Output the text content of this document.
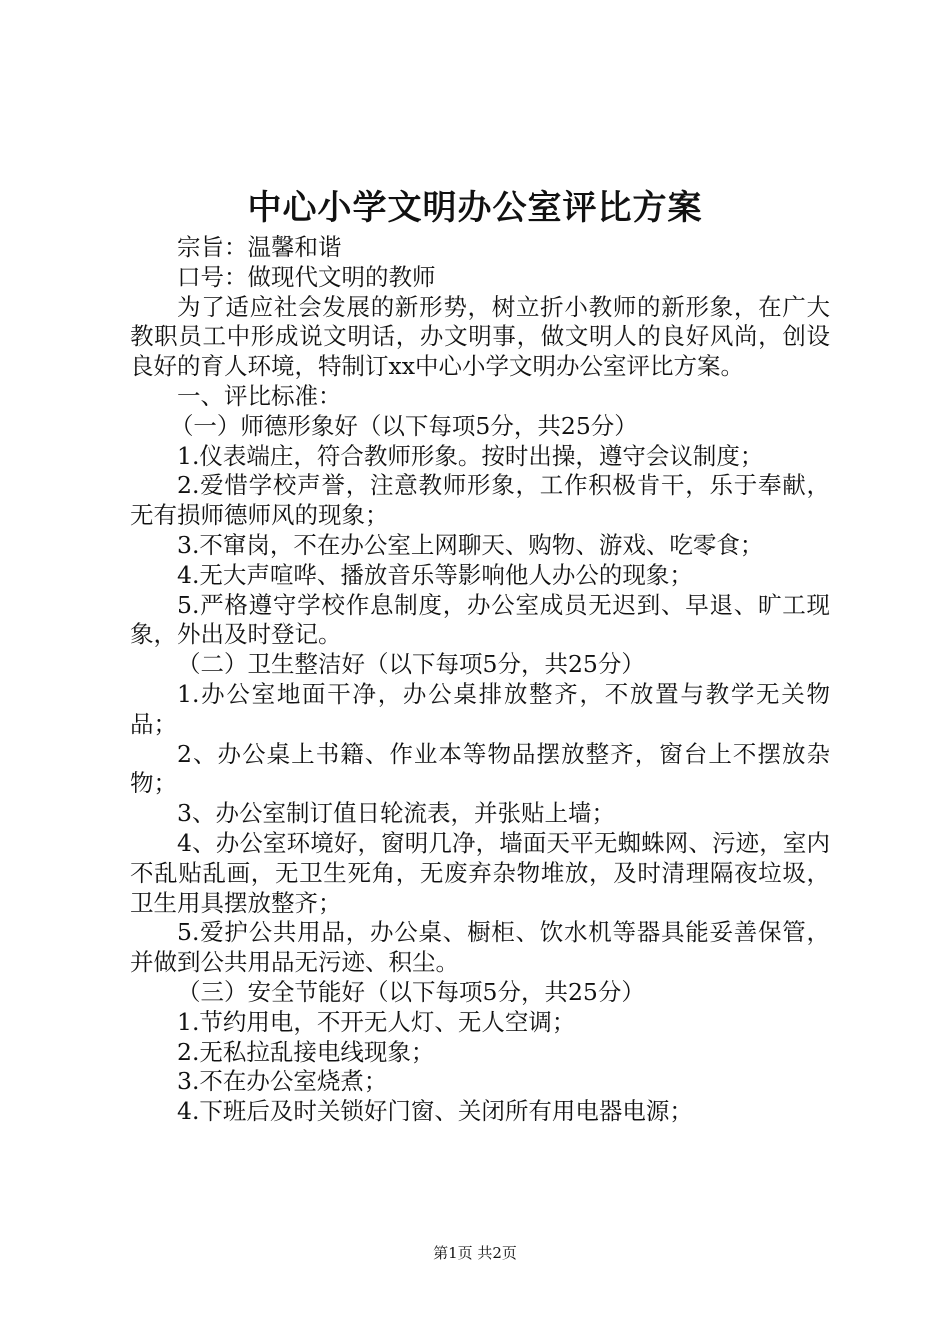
中心小学文明办公室评比方案

宗旨：温馨和谐

口号：做现代文明的教师

为了适应社会发展的新形势，树立折小教师的新形象，在广大教职员工中形成说文明话，办文明事，做文明人的良好风尚，创设良好的育人环境，特制订xx中心小学文明办公室评比方案。

一、评比标准：

（一）师德形象好（以下每项5分，共25分）

1.仪表端庄，符合教师形象。按时出操，遵守会议制度；

2.爱惜学校声誉，注意教师形象，工作积极肯干，乐于奉献，无有损师德师风的现象；

3.不窜岗，不在办公室上网聊天、购物、游戏、吃零食；

4.无大声喧哗、播放音乐等影响他人办公的现象；

5.严格遵守学校作息制度，办公室成员无迟到、早退、旷工现象，外出及时登记。

（二）卫生整洁好（以下每项5分，共25分）

1.办公室地面干净，办公桌排放整齐，不放置与教学无关物品；

2、办公桌上书籍、作业本等物品摆放整齐，窗台上不摆放杂物；

3、办公室制订值日轮流表，并张贴上墙；

4、办公室环境好，窗明几净，墙面天平无蜘蛛网、污迹，室内不乱贴乱画，无卫生死角，无废弃杂物堆放，及时清理隔夜垃圾，卫生用具摆放整齐；

5.爱护公共用品，办公桌、橱柜、饮水机等器具能妥善保管，并做到公共用品无污迹、积尘。

（三）安全节能好（以下每项5分，共25分）

1.节约用电，不开无人灯、无人空调；

2.无私拉乱接电线现象；

3.不在办公室烧煮；

4.下班后及时关锁好门窗、关闭所有用电器电源；

第1页 共2页
